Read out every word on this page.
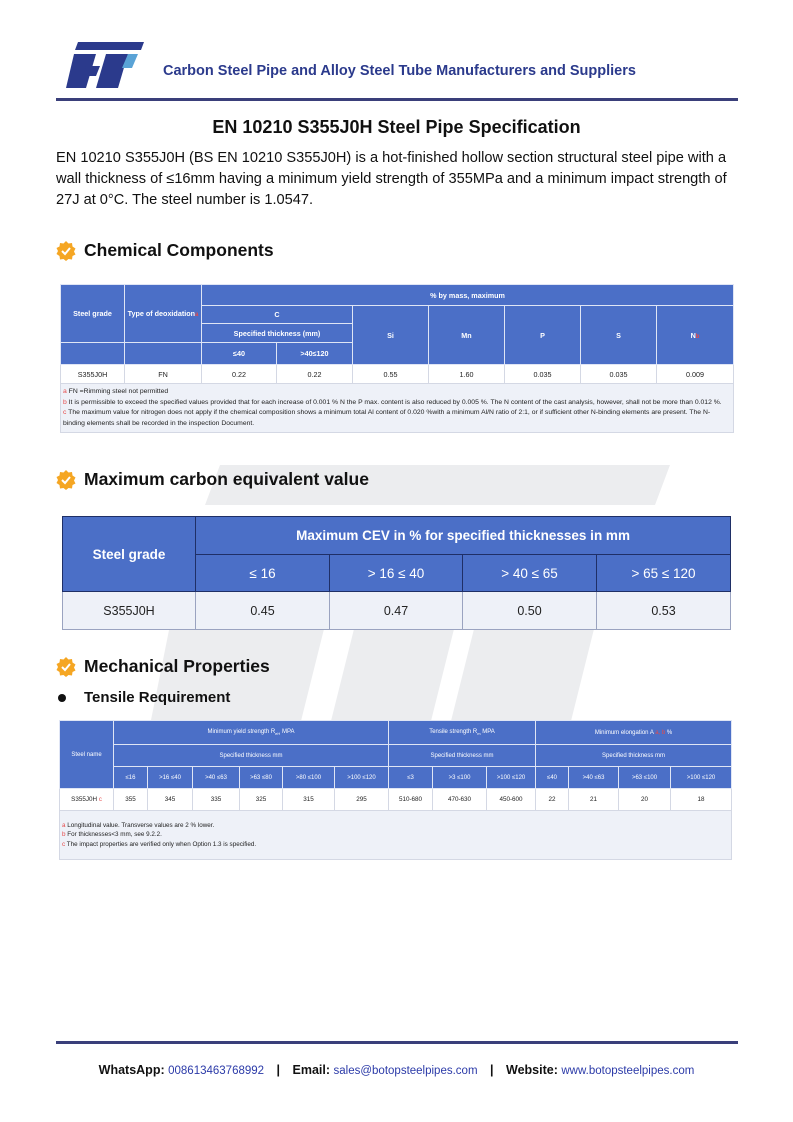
Carbon Steel Pipe and Alloy Steel Tube Manufacturers and Suppliers
EN 10210 S355J0H Steel Pipe Specification

EN 10210 S355J0H (BS EN 10210 S355J0H) is a hot-finished hollow section structural steel pipe with a wall thickness of ≤16mm having a minimum yield strength of 355MPa and a minimum impact strength of 27J at 0°C. The steel number is 1.0547.

Chemical Components
Steel grade	Type of deoxidationa	% by mass, maximum						
		C		Si	Mn	P	S	Nb
		Specified thickness (mm)						
		≤40	>40≤120					
S355J0H	FN	0.22	0.22	0.55	1.60	0.035	0.035	0.009

a FN =Rimming steel not permitted
b It is permissible to exceed the specified values provided that for each increase of 0.001 % N the P max. content is also reduced by 0.005 %. The N content of the cast analysis, however, shall not be more than 0.012 %.
c The maximum value for nitrogen does not apply if the chemical composition shows a minimum total Al content of 0.020 %with a minimum Al/N ratio of 2:1, or if sufficient other N-binding elements are present. The N-binding elements shall be recorded in the inspection Document.								
Maximum carbon equivalent value
Steel grade	Maximum CEV in % for specified thicknesses in mm			
	≤ 16	> 16 ≤ 40	> 40 ≤ 65	> 65 ≤ 120
S355J0H	0.45	0.47	0.50	0.53
Mechanical Properties
Tensile Requirement
Steel name	Minimum yield strength $R_{eH}$ MPA						Tensile strength $R_m$ MPA			Minimum elongation A a, b %			
	Specified thickness mm						Specified thickness mm			Specified thickness mm			
	≤16	>16 ≤40	>40 ≤63	>63 ≤80	>80 ≤100	>100 ≤120	≤3	>3 ≤100	>100 ≤120	≤40	>40 ≤63	>63 ≤100	>100 ≤120
S355J0H c	355	345	335	325	315	295	510-680	470-630	450-600	22	21	20	18

a Longitudinal value. Transverse values are 2 % lower.
b For thicknesses<3 mm, see 9.2.2.
c The impact properties are verified only when Option 1.3 is specified.													
WhatsApp: 008613463768992 | Email: sales@botopsteelpipes.com | Website: www.botopsteelpipes.com
